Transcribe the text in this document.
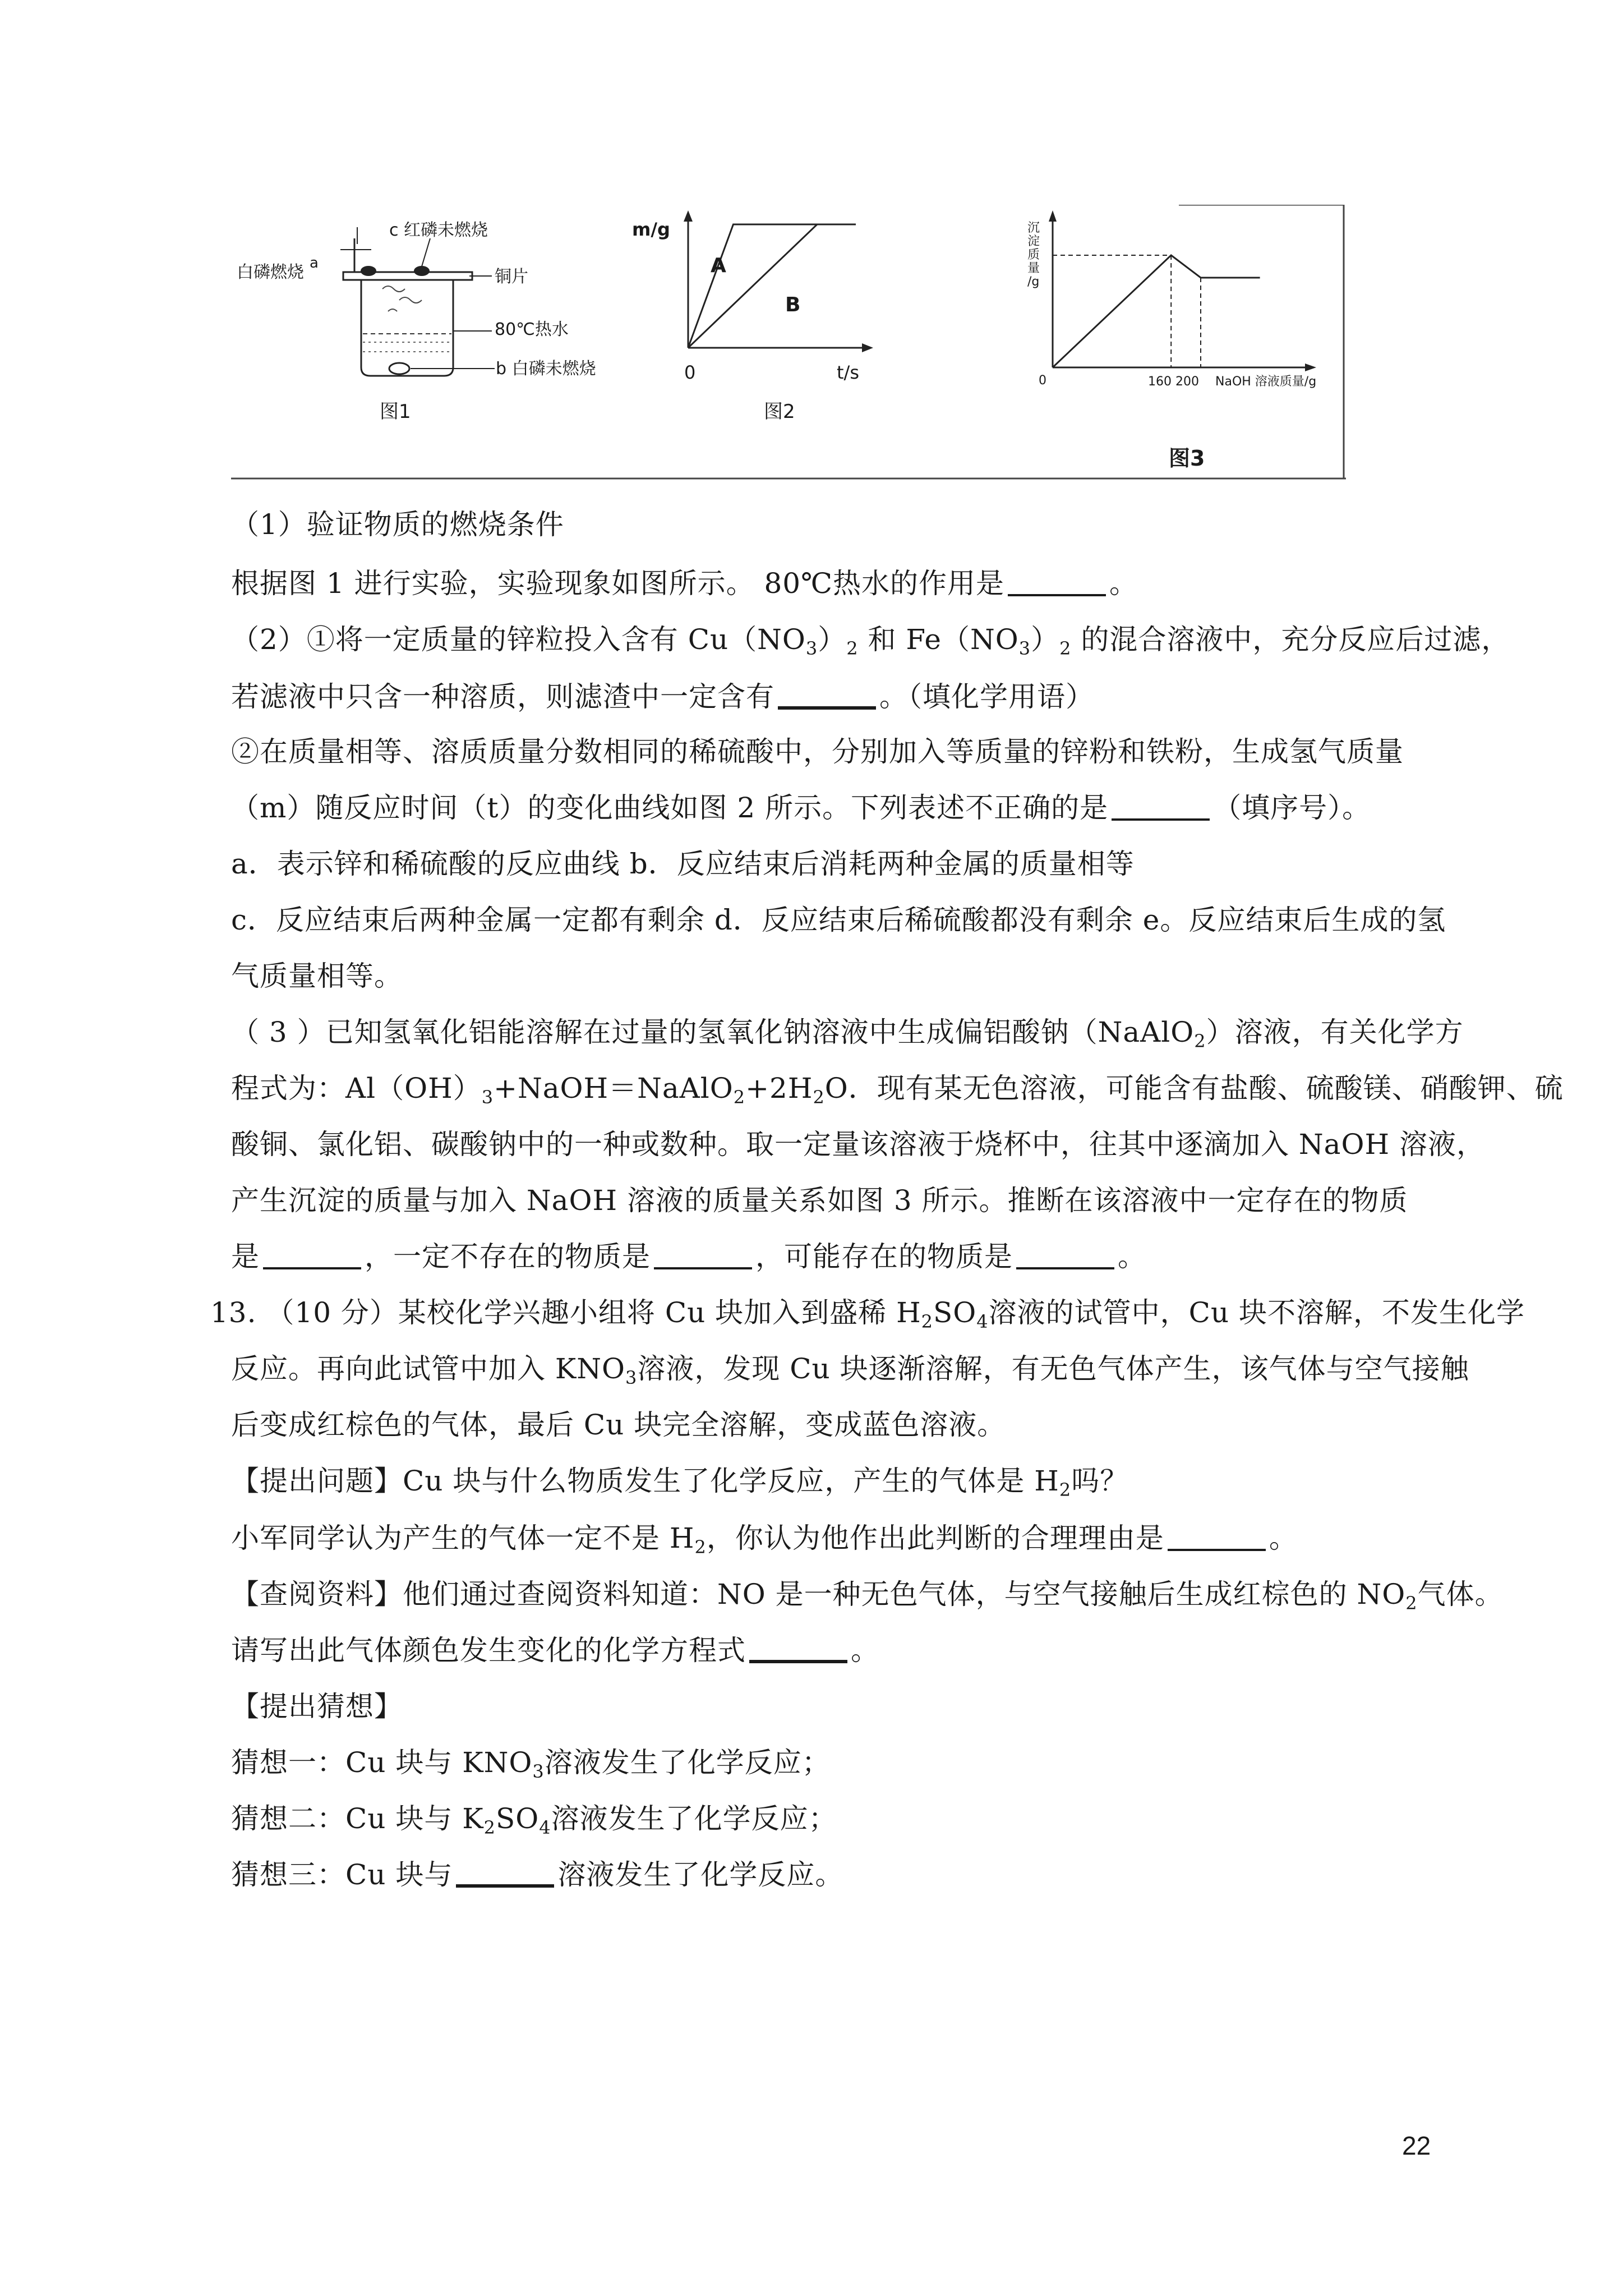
c 红磷未燃烧
白磷燃烧 a
铜片
80℃热水
b 白磷未燃烧
图1
m/g
t/s
0
A
B
图2
沉
淀
质
量
/g
0	160 200 NaOH 溶液质量/g
图3
（1）验证物质的燃烧条件
根据图 1 进行实验，实验现象如图所示。 80℃热水的作用是	。
（2）①将一定质量的锌粒投入含有 $Cu(NO_3)_2$ 和 $Fe(NO_3)_2$ 的混合溶液中，充分反应后过滤，
若滤液中只含一种溶质，则滤渣中一定含有	。（填化学用语）
②在质量相等、溶质质量分数相同的稀硫酸中，分别加入等质量的锌粉和铁粉，生成氢气质量
（m）随反应时间（t）的变化曲线如图 2 所示。下列表述不正确的是	（填序号）。
a．表示锌和稀硫酸的反应曲线 b．反应结束后消耗两种金属的质量相等
c．反应结束后两种金属一定都有剩余 d．反应结束后稀硫酸都没有剩余 e。反应结束后生成的氢
气质量相等。
（ 3 ）已知氢氧化铝能溶解在过量的氢氧化钠溶液中生成偏铝酸钠（NaAlO$_2$）溶液，有关化学方
程式为：$Al(OH)_3+NaOH=NaAlO_2+2H_2O$．现有某无色溶液，可能含有盐酸、硫酸镁、硝酸钾、硫
酸铜、氯化铝、碳酸钠中的一种或数种。取一定量该溶液于烧杯中，往其中逐滴加入 NaOH 溶液，
产生沉淀的质量与加入 NaOH 溶液的质量关系如图 3 所示。推断在该溶液中一定存在的物质
是	，一定不存在的物质是	，可能存在的物质是	。
13. （10 分）某校化学兴趣小组将 Cu 块加入到盛稀 $H_2SO_4$溶液的试管中，Cu 块不溶解，不发生化学
反应。再向此试管中加入 $KNO_3$溶液，发现 Cu 块逐渐溶解，有无色气体产生，该气体与空气接触
后变成红棕色的气体，最后 Cu 块完全溶解，变成蓝色溶液。
【提出问题】Cu 块与什么物质发生了化学反应，产生的气体是 $H_2$吗？
小军同学认为产生的气体一定不是 $H_2$，你认为他作出此判断的合理理由是	。
【查阅资料】他们通过查阅资料知道：NO 是一种无色气体，与空气接触后生成红棕色的 $NO_2$气体。
请写出此气体颜色发生变化的化学方程式	。
【提出猜想】
猜想一：Cu 块与 $KNO_3$溶液发生了化学反应；
猜想二：Cu 块与 $K_2SO_4$溶液发生了化学反应；
猜想三：Cu 块与	溶液发生了化学反应。
22
